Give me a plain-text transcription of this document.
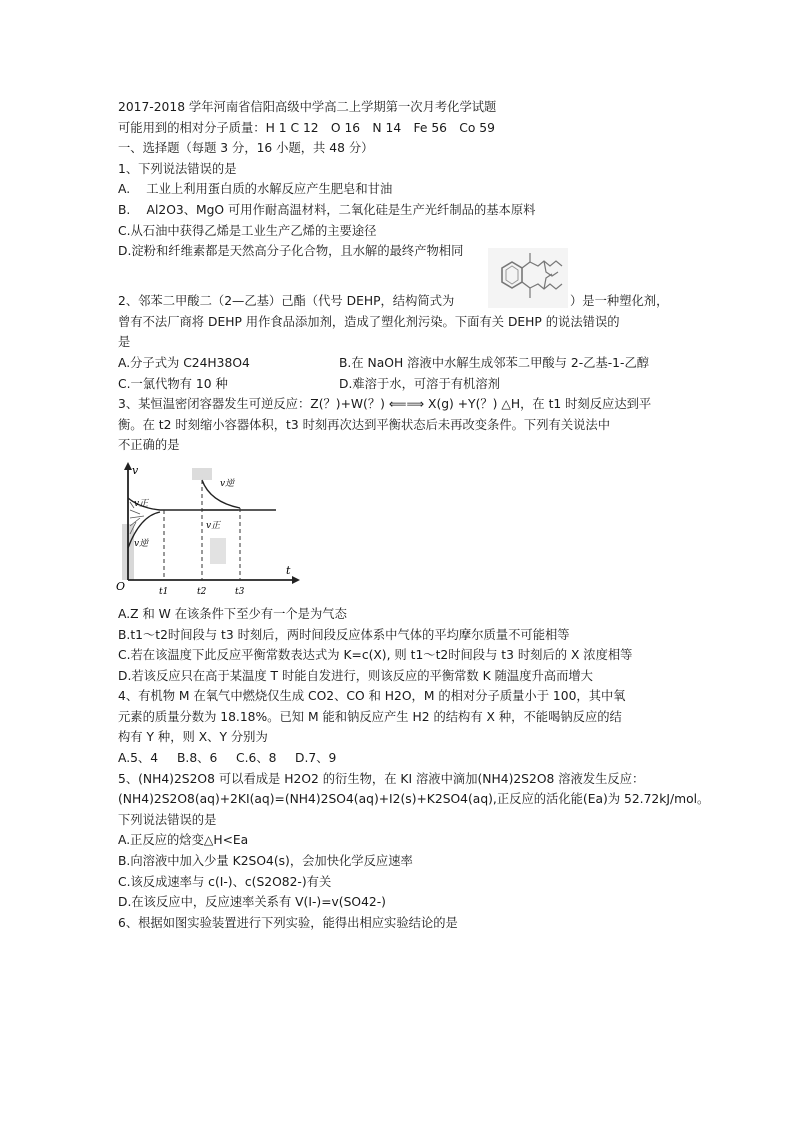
2017-2018 学年河南省信阳高级中学高二上学期第一次月考化学试题
可能用到的相对分子质量：H 1 C 12　O 16　N 14　Fe 56　Co 59
一、选择题（每题 3 分，16 小题，共 48 分）
1、下列说法错误的是
A.　 工业上利用蛋白质的水解反应产生肥皂和甘油
B.　 Al2O3、MgO 可用作耐高温材料，二氧化硅是生产光纤制品的基本原料
C.从石油中获得乙烯是工业生产乙烯的主要途径
D.淀粉和纤维素都是天然高分子化合物，且水解的最终产物相同
2、邻苯二甲酸二（2—乙基）己酯（代号 DEHP，结构简式为	）是一种塑化剂，
曾有不法厂商将 DEHP 用作食品添加剂，造成了塑化剂污染。下面有关 DEHP 的说法错误的
是
A.分子式为 C24H38O4	B.在 NaOH 溶液中水解生成邻苯二甲酸与 2-乙基-1-乙醇
C.一氯代物有 10 种	D.难溶于水，可溶于有机溶剂
3、某恒温密闭容器发生可逆反应：Z(？)+W(？) ⟸⟹ X(g) +Y(？) △H，在 t1 时刻反应达到平
衡。在 t2 时刻缩小容器体积，t3 时刻再次达到平衡状态后未再改变条件。下列有关说法中
不正确的是
v
t
O
v正
v逆
v逆
v正
t1	t2	t3
A.Z 和 W 在该条件下至少有一个是为气态
B.t1～t2时间段与 t3 时刻后，两时间段反应体系中气体的平均摩尔质量不可能相等
C.若在该温度下此反应平衡常数表达式为 K=c(X), 则 t1～t2时间段与 t3 时刻后的 X 浓度相等
D.若该反应只在高于某温度 T 时能自发进行，则该反应的平衡常数 K 随温度升高而增大
4、有机物 M 在氧气中燃烧仅生成 CO2、CO 和 H2O，M 的相对分子质量小于 100，其中氧
元素的质量分数为 18.18%。已知 M 能和钠反应产生 H2 的结构有 X 种，不能喝钠反应的结
构有 Y 种，则 X、Y 分别为
A.5、4	B.8、6	C.6、8	D.7、9
5、(NH4)2S2O8 可以看成是 H2O2 的衍生物，在 KI 溶液中滴加(NH4)2S2O8 溶液发生反应：
(NH4)2S2O8(aq)+2KI(aq)=(NH4)2SO4(aq)+I2(s)+K2SO4(aq),正反应的活化能(Ea)为 52.72kJ/mol。
下列说法错误的是
A.正反应的焓变△H<Ea
B.向溶液中加入少量 K2SO4(s)，会加快化学反应速率
C.该反成速率与 c(I-)、c(S2O82-)有关
D.在该反应中，反应速率关系有 V(I-)=v(SO42-)
6、根据如图实验装置进行下列实验，能得出相应实验结论的是
